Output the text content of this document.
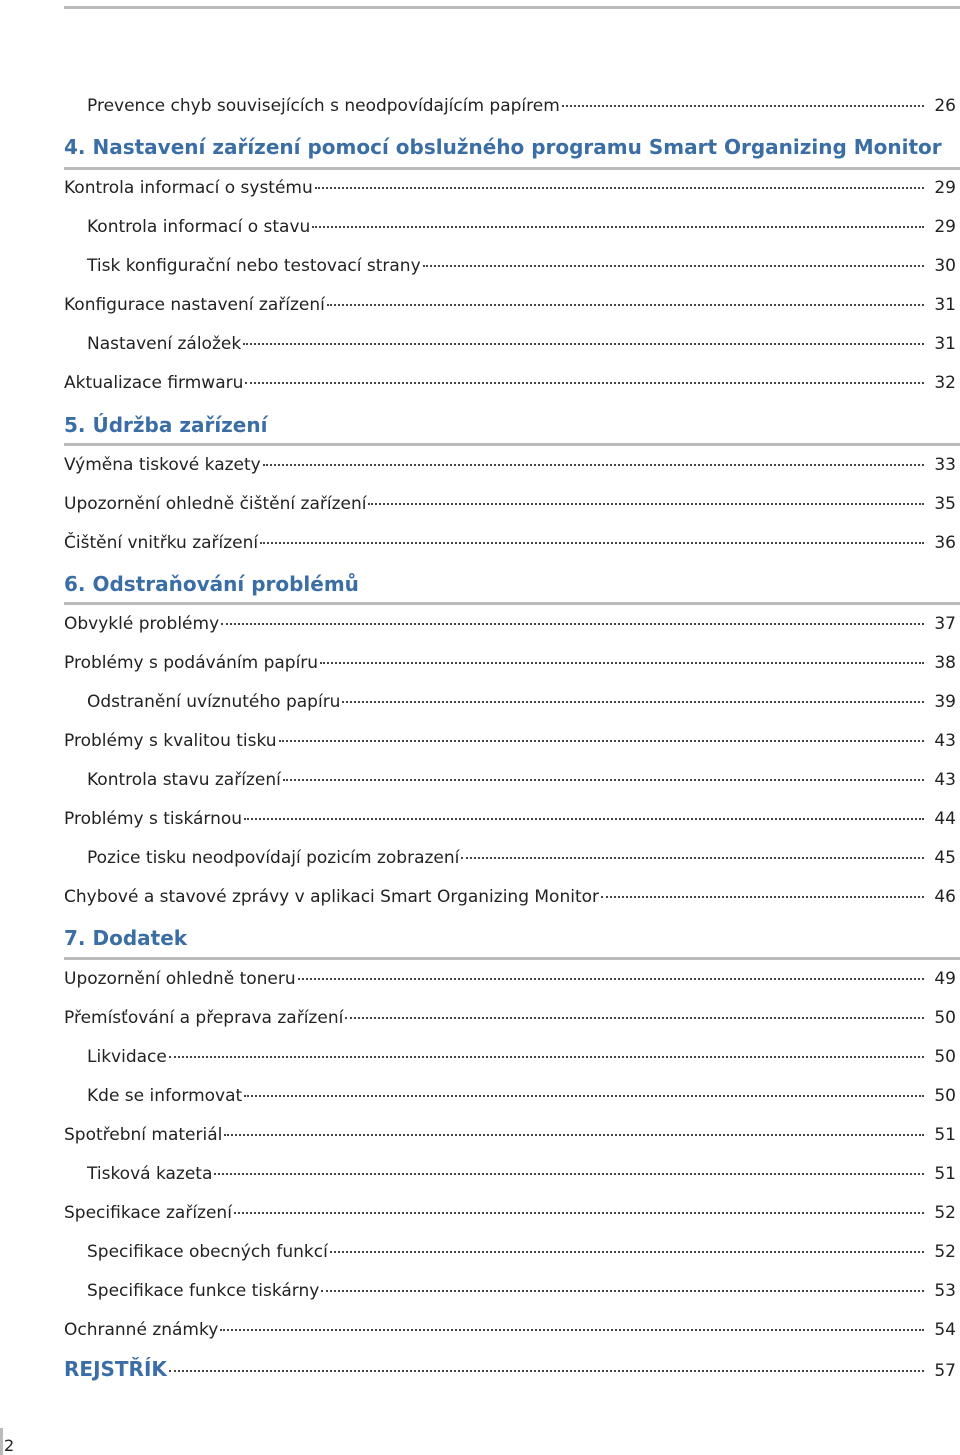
Prevence chyb souvisejících s neodpovídajícím papírem	26
4. Nastavení zařízení pomocí obslužného programu Smart Organizing Monitor
Kontrola informací o systému	29
Kontrola informací o stavu	29
Tisk konfigurační nebo testovací strany	30
Konfigurace nastavení zařízení	31
Nastavení záložek	31
Aktualizace firmwaru	32
5. Údržba zařízení
Výměna tiskové kazety	33
Upozornění ohledně čištění zařízení	35
Čištění vnitřku zařízení	36
6. Odstraňování problémů
Obvyklé problémy	37
Problémy s podáváním papíru	38
Odstranění uvíznutého papíru	39
Problémy s kvalitou tisku	43
Kontrola stavu zařízení	43
Problémy s tiskárnou	44
Pozice tisku neodpovídají pozicím zobrazení	45
Chybové a stavové zprávy v aplikaci Smart Organizing Monitor	46
7. Dodatek
Upozornění ohledně toneru	49
Přemísťování a přeprava zařízení	50
Likvidace	50
Kde se informovat	50
Spotřební materiál	51
Tisková kazeta	51
Specifikace zařízení	52
Specifikace obecných funkcí	52
Specifikace funkce tiskárny	53
Ochranné známky	54
REJSTŘÍK	57
2
